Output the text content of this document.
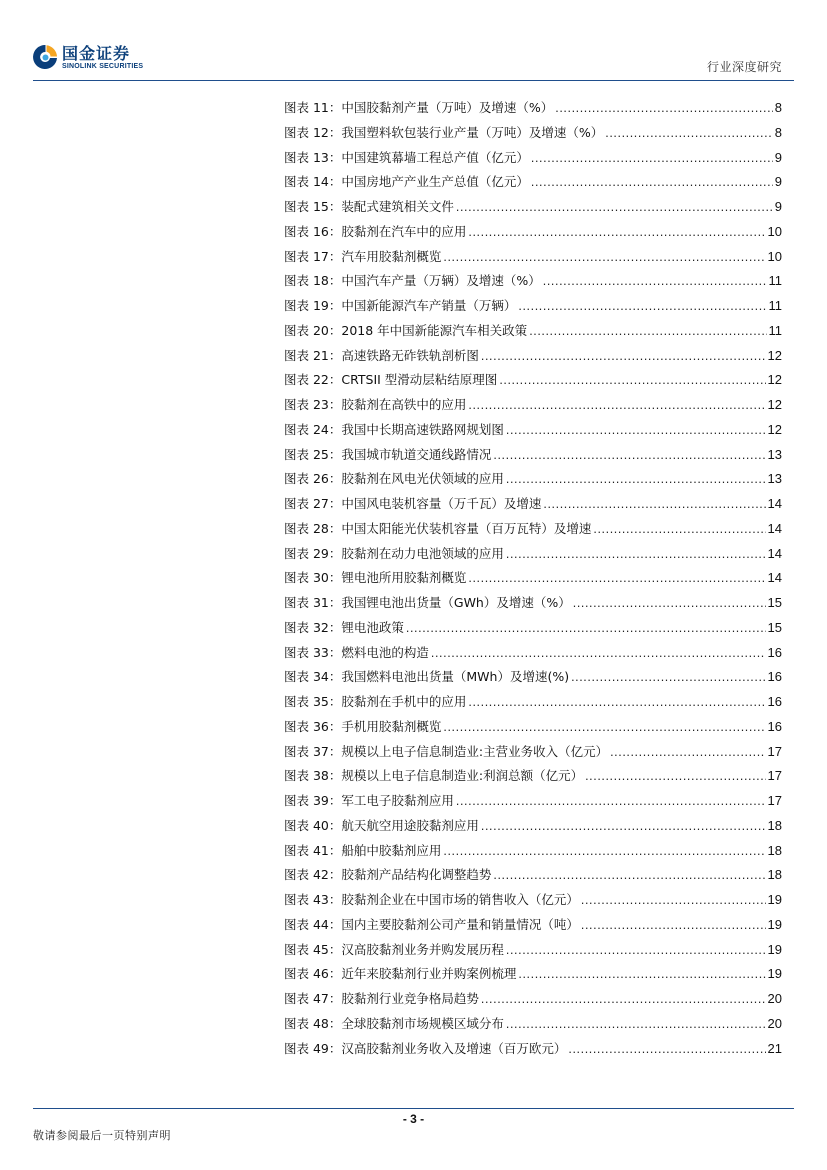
国金证券
SINOLINK SECURITIES	行业深度研究
图表 11： 中国胶黏剂产量（万吨）及增速（%） .....	8
图表 12： 我国塑料软包装行业产量（万吨）及增速（%） .....	8
图表 13： 中国建筑幕墙工程总产值（亿元） .....	9
图表 14： 中国房地产产业生产总值（亿元） .....	9
图表 15： 装配式建筑相关文件 .....	9
图表 16： 胶黏剂在汽车中的应用 .....	10
图表 17： 汽车用胶黏剂概览 .....	10
图表 18： 中国汽车产量（万辆）及增速（%） .....	11
图表 19： 中国新能源汽车产销量（万辆） .....	11
图表 20： 2018 年中国新能源汽车相关政策 .....	11
图表 21： 高速铁路无砟铁轨剖析图 .....	12
图表 22： CRTSII 型滑动层粘结原理图 .....	12
图表 23： 胶黏剂在高铁中的应用 .....	12
图表 24： 我国中长期高速铁路网规划图 .....	12
图表 25： 我国城市轨道交通线路情况 .....	13
图表 26： 胶黏剂在风电光伏领域的应用 .....	13
图表 27： 中国风电装机容量（万千瓦）及增速 .....	14
图表 28： 中国太阳能光伏装机容量（百万瓦特）及增速 .....	14
图表 29： 胶黏剂在动力电池领域的应用 .....	14
图表 30： 锂电池所用胶黏剂概览 .....	14
图表 31： 我国锂电池出货量（GWh）及增速（%） .....	15
图表 32： 锂电池政策 .....	15
图表 33： 燃料电池的构造 .....	16
图表 34： 我国燃料电池出货量（MWh）及增速(%) .....	16
图表 35： 胶黏剂在手机中的应用 .....	16
图表 36： 手机用胶黏剂概览 .....	16
图表 37： 规模以上电子信息制造业:主营业务收入（亿元） .....	17
图表 38： 规模以上电子信息制造业:利润总额（亿元） .....	17
图表 39： 军工电子胶黏剂应用 .....	17
图表 40： 航天航空用途胶黏剂应用 .....	18
图表 41： 船舶中胶黏剂应用 .....	18
图表 42： 胶黏剂产品结构化调整趋势 .....	18
图表 43： 胶黏剂企业在中国市场的销售收入（亿元） .....	19
图表 44： 国内主要胶黏剂公司产量和销量情况（吨） .....	19
图表 45： 汉高胶黏剂业务并购发展历程 .....	19
图表 46： 近年来胶黏剂行业并购案例梳理 .....	19
图表 47： 胶黏剂行业竞争格局趋势 .....	20
图表 48： 全球胶黏剂市场规模区域分布 .....	20
图表 49： 汉高胶黏剂业务收入及增速（百万欧元） .....	21
- 3 -
敬请参阅最后一页特别声明
